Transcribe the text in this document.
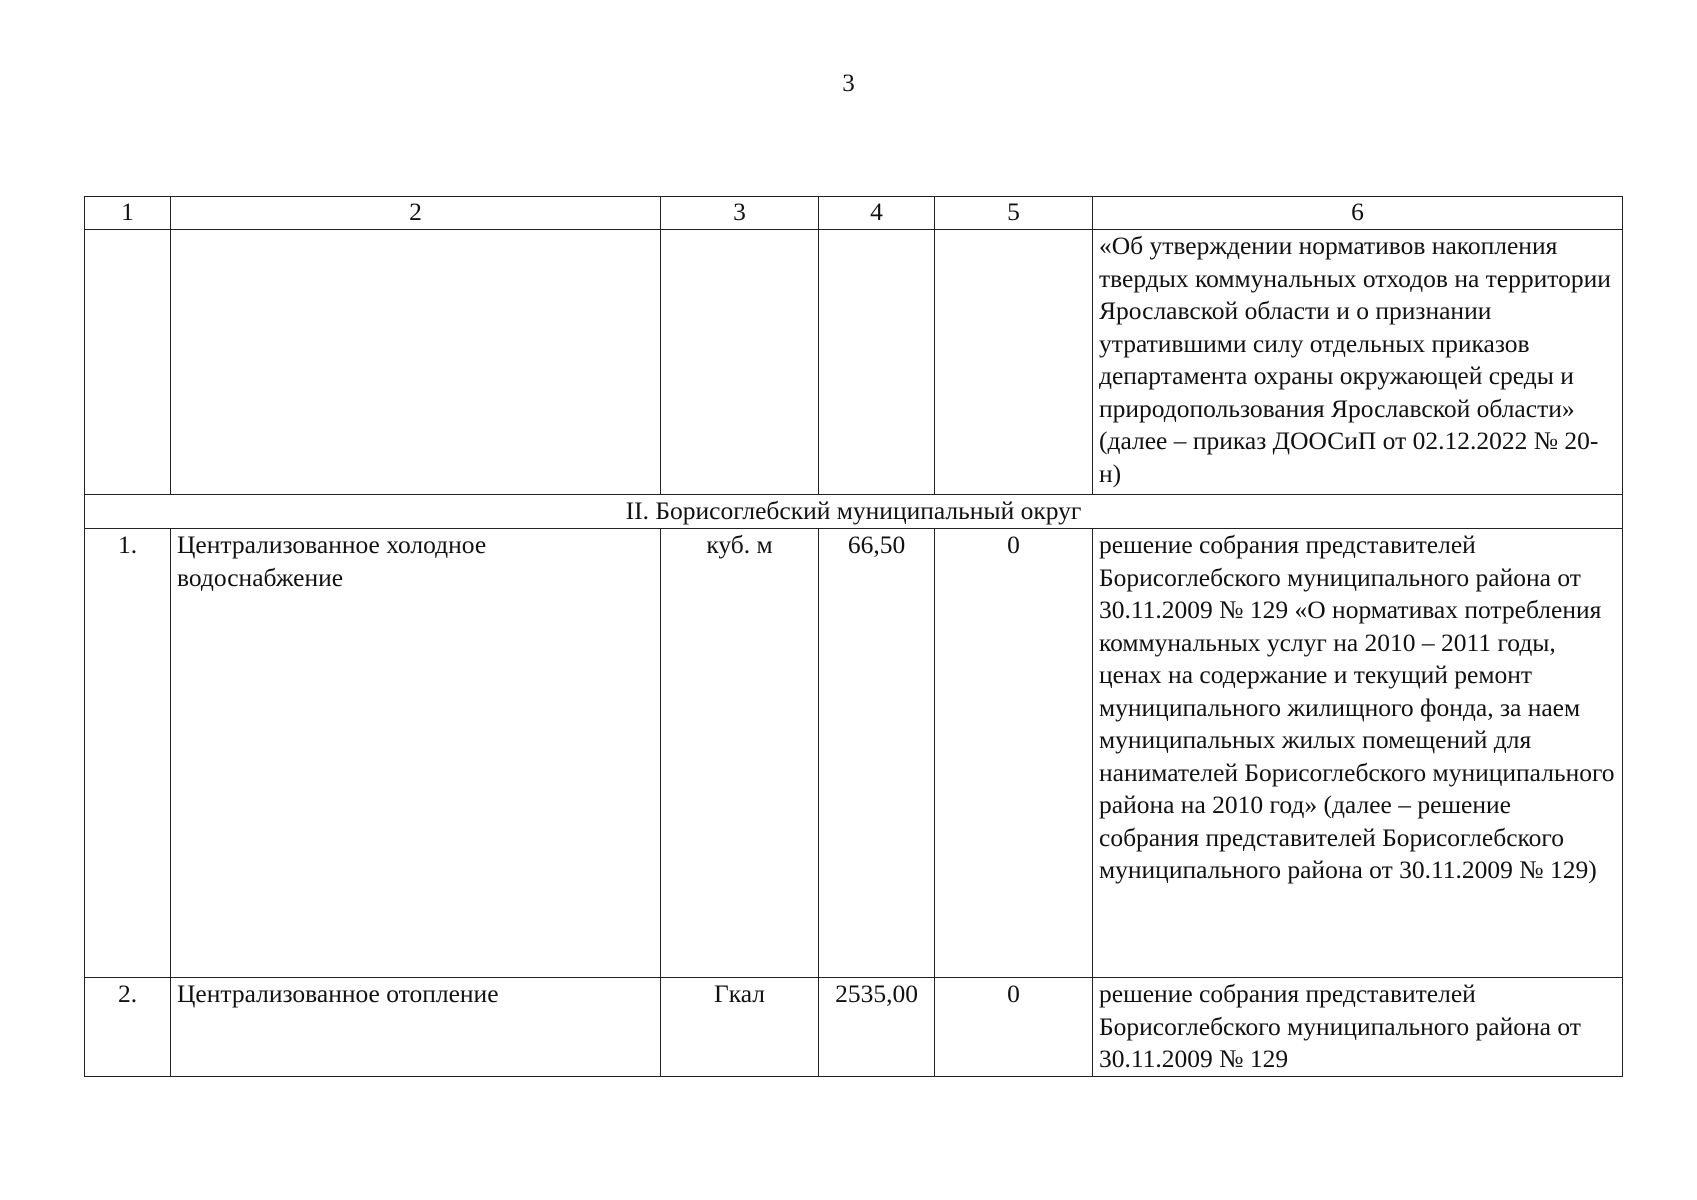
3
1	2	3	4	5	6
					«Об утверждении нормативов накопления твердых коммунальных отходов на территории Ярославской области и о признании утратившими силу отдельных приказов департамента охраны окружающей среды и природопользования Ярославской области» (далее – приказ ДООСиП от 02.12.2022 № 20-н)
II. Борисоглебский муниципальный округ					
1.	Централизованное холодное водоснабжение	куб. м	66,50	0	решение собрания представителей Борисоглебского муниципального района от 30.11.2009 № 129 «О нормативах потребления коммунальных услуг на 2010 – 2011 годы, ценах на содержание и текущий ремонт муниципального жилищного фонда, за наем муниципальных жилых помещений для нанимателей Борисоглебского муниципального района на 2010 год» (далее – решение собрания представителей Борисоглебского муниципального района от 30.11.2009 № 129)
2.	Централизованное отопление	Гкал	2535,00	0	решение собрания представителей Борисоглебского муниципального района от 30.11.2009 № 129
